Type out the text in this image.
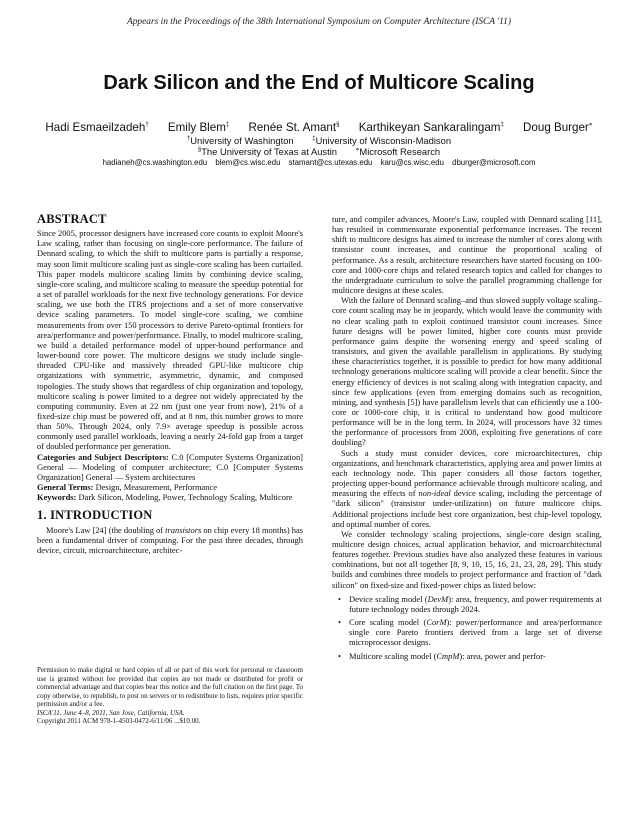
Appears in the Proceedings of the 38th International Symposium on Computer Architecture (ISCA '11)
Dark Silicon and the End of Multicore Scaling
Hadi Esmaeilzadeh† Emily Blem‡ Renée St. Amant§ Karthikeyan Sankaralingam‡ Doug Burger⋄
†University of Washington	‡University of Wisconsin-Madison
§The University of Texas at Austin	⋄Microsoft Research
hadianeh@cs.washington.edu blem@cs.wisc.edu stamant@cs.utexas.edu karu@cs.wisc.edu dburger@microsoft.com
ABSTRACT

Since 2005, processor designers have increased core counts to exploit Moore's Law scaling, rather than focusing on single-core performance. The failure of Dennard scaling, to which the shift to multicore parts is partially a response, may soon limit multicore scaling just as single-core scaling has been curtailed. This paper models multicore scaling limits by combining device scaling, single-core scaling, and multicore scaling to measure the speedup potential for a set of parallel workloads for the next five technology generations. For device scaling, we use both the ITRS projections and a set of more conservative device scaling parameters. To model single-core scaling, we combine measurements from over 150 processors to derive Pareto-optimal frontiers for area/performance and power/performance. Finally, to model multicore scaling, we build a detailed performance model of upper-bound performance and lower-bound core power. The multicore designs we study include single-threaded CPU-like and massively threaded GPU-like multicore chip organizations with symmetric, asymmetric, dynamic, and composed topologies. The study shows that regardless of chip organization and topology, multicore scaling is power limited to a degree not widely appreciated by the computing community. Even at 22 nm (just one year from now), 21% of a fixed-size chip must be powered off, and at 8 nm, this number grows to more than 50%. Through 2024, only 7.9× average speedup is possible across commonly used parallel workloads, leaving a nearly 24-fold gap from a target of doubled performance per generation.

Categories and Subject Descriptors: C.0 [Computer Systems Organization] General — Modeling of computer architecture; C.0 [Computer Systems Organization] General — System architectures

General Terms: Design, Measurement, Performance

Keywords: Dark Silicon, Modeling, Power, Technology Scaling, Multicore

1. INTRODUCTION

Moore's Law [24] (the doubling of transistors on chip every 18 months) has been a fundamental driver of computing. For the past three decades, through device, circuit, microarchitecture, architec-

Permission to make digital or hard copies of all or part of this work for personal or classroom use is granted without fee provided that copies are not made or distributed for profit or commercial advantage and that copies bear this notice and the full citation on the first page. To copy otherwise, to republish, to post on servers or to redistribute to lists, requires prior specific permission and/or a fee.

ISCA'11, June 4–8, 2011, San Jose, California, USA.

Copyright 2011 ACM 978-1-4503-0472-6/11/06 ...$10.00.

ture, and compiler advances, Moore's Law, coupled with Dennard scaling [11], has resulted in commensurate exponential performance increases. The recent shift to multicore designs has aimed to increase the number of cores along with transistor count increases, and continue the proportional scaling of performance. As a result, architecture researchers have started focusing on 100-core and 1000-core chips and related research topics and called for changes to the undergraduate curriculum to solve the parallel programming challenge for multicore designs at these scales.

With the failure of Dennard scaling–and thus slowed supply voltage scaling–core count scaling may be in jeopardy, which would leave the community with no clear scaling path to exploit continued transistor count increases. Since future designs will be power limited, higher core counts must provide performance gains despite the worsening energy and speed scaling of transistors, and given the available parallelism in applications. By studying these characteristics together, it is possible to predict for how many additional technology generations multicore scaling will provide a clear benefit. Since the energy efficiency of devices is not scaling along with integration capacity, and since few applications (even from emerging domains such as recognition, mining, and synthesis [5]) have parallelism levels that can efficiently use a 100-core or 1000-core chip, it is critical to understand how good multicore performance will be in the long term. In 2024, will processors have 32 times the performance of processors from 2008, exploiting five generations of core doubling?

Such a study must consider devices, core microarchitectures, chip organizations, and benchmark characteristics, applying area and power limits at each technology node. This paper considers all those factors together, projecting upper-bound performance achievable through multicore scaling, and measuring the effects of non-ideal device scaling, including the percentage of "dark silicon" (transistor under-utilization) on future multicore chips. Additional projections include best core organization, best chip-level topology, and optimal number of cores.

We consider technology scaling projections, single-core design scaling, multicore design choices, actual application behavior, and microarchitectural features together. Previous studies have also analyzed these features in various combinations, but not all together [8, 9, 10, 15, 16, 21, 23, 28, 29]. This study builds and combines three models to project performance and fraction of "dark silicon" on fixed-size and fixed-power chips as listed below:

• Device scaling model (DevM): area, frequency, and power requirements at future technology nodes through 2024.
• Core scaling model (CorM): power/performance and area/performance single core Pareto frontiers derived from a large set of diverse microprocessor designs.
• Multicore scaling model (CmpM): area, power and perfor-
